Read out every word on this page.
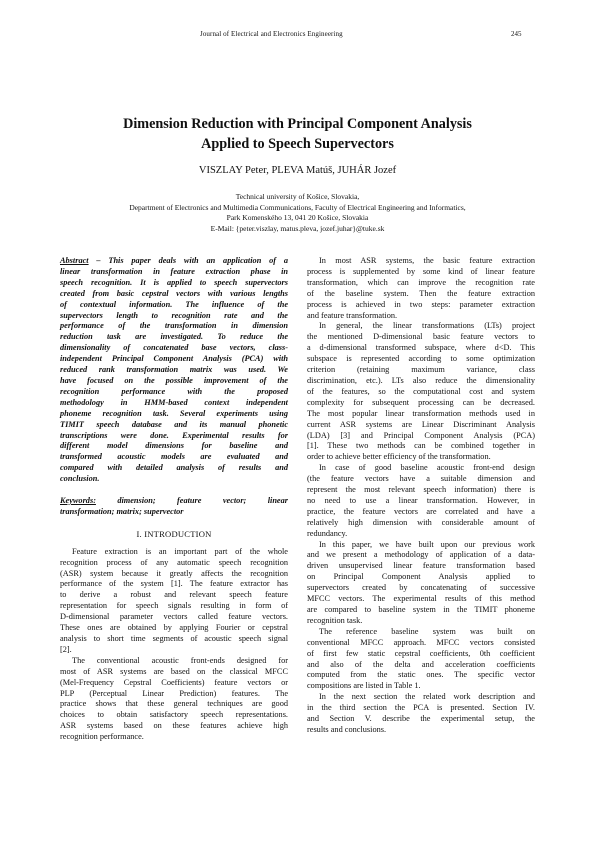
Journal of Electrical and Electronics Engineering	245
Dimension Reduction with Principal Component Analysis
Applied to Speech Supervectors
VISZLAY Peter, PLEVA Matúš, JUHÁR Jozef
Technical university of Košice, Slovakia,
Department of Electronics and Multimedia Communications, Faculty of Electrical Engineering and Informatics,
Park Komenského 13, 041 20 Košice, Slovakia
E-Mail: {peter.viszlay, matus.pleva, jozef.juhar}@tuke.sk
Abstract – This paper deals with an application of a
linear transformation in feature extraction phase in
speech recognition. It is applied to speech supervectors
created from basic cepstral vectors with various lengths
of contextual information. The influence of the
supervectors length to recognition rate and the
performance of the transformation in dimension
reduction task are investigated. To reduce the
dimensionality of concatenated base vectors, class-
independent Principal Component Analysis (PCA) with
reduced rank transformation matrix was used. We
have focused on the possible improvement of the
recognition performance with the proposed
methodology in HMM-based context independent
phoneme recognition task. Several experiments using
TIMIT speech database and its manual phonetic
transcriptions were done. Experimental results for
different model dimensions for baseline and
transformed acoustic models are evaluated and
compared with detailed analysis of results and
conclusion.
Keywords: dimension; feature vector; linear
transformation; matrix; supervector
I. INTRODUCTION
Feature extraction is an important part of the whole
recognition process of any automatic speech recognition
(ASR) system because it greatly affects the recognition
performance of the system [1]. The feature extractor has
to derive a robust and relevant speech feature
representation for speech signals resulting in form of
D-dimensional parameter vectors called feature vectors.
These ones are obtained by applying Fourier or cepstral
analysis to short time segments of acoustic speech signal
[2].
The conventional acoustic front-ends designed for
most of ASR systems are based on the classical MFCC
(Mel-Frequency Cepstral Coefficients) feature vectors or
PLP (Perceptual Linear Prediction) features. The
practice shows that these general techniques are good
choices to obtain satisfactory speech representations.
ASR systems based on these features achieve high
recognition performance.
In most ASR systems, the basic feature extraction
process is supplemented by some kind of linear feature
transformation, which can improve the recognition rate
of the baseline system. Then the feature extraction
process is achieved in two steps: parameter extraction
and feature transformation.
In general, the linear transformations (LTs) project
the mentioned D-dimensional basic feature vectors to
a d-dimensional transformed subspace, where d<D. This
subspace is represented according to some optimization
criterion (retaining maximum variance, class
discrimination, etc.). LTs also reduce the dimensionality
of the features, so the computational cost and system
complexity for subsequent processing can be decreased.
The most popular linear transformation methods used in
current ASR systems are Linear Discriminant Analysis
(LDA) [3] and Principal Component Analysis (PCA)
[1]. These two methods can be combined together in
order to achieve better efficiency of the transformation.
In case of good baseline acoustic front-end design
(the feature vectors have a suitable dimension and
represent the most relevant speech information) there is
no need to use a linear transformation. However, in
practice, the feature vectors are correlated and have a
relatively high dimension with considerable amount of
redundancy.
In this paper, we have built upon our previous work
and we present a methodology of application of a data-
driven unsupervised linear feature transformation based
on Principal Component Analysis applied to
supervectors created by concatenating of successive
MFCC vectors. The experimental results of this method
are compared to baseline system in the TIMIT phoneme
recognition task.
The reference baseline system was built on
conventional MFCC approach. MFCC vectors consisted
of first few static cepstral coefficients, 0th coefficient
and also of the delta and acceleration coefficients
computed from the static ones. The specific vector
compositions are listed in Table 1.
In the next section the related work description and
in the third section the PCA is presented. Section IV.
and Section V. describe the experimental setup, the
results and conclusions.
